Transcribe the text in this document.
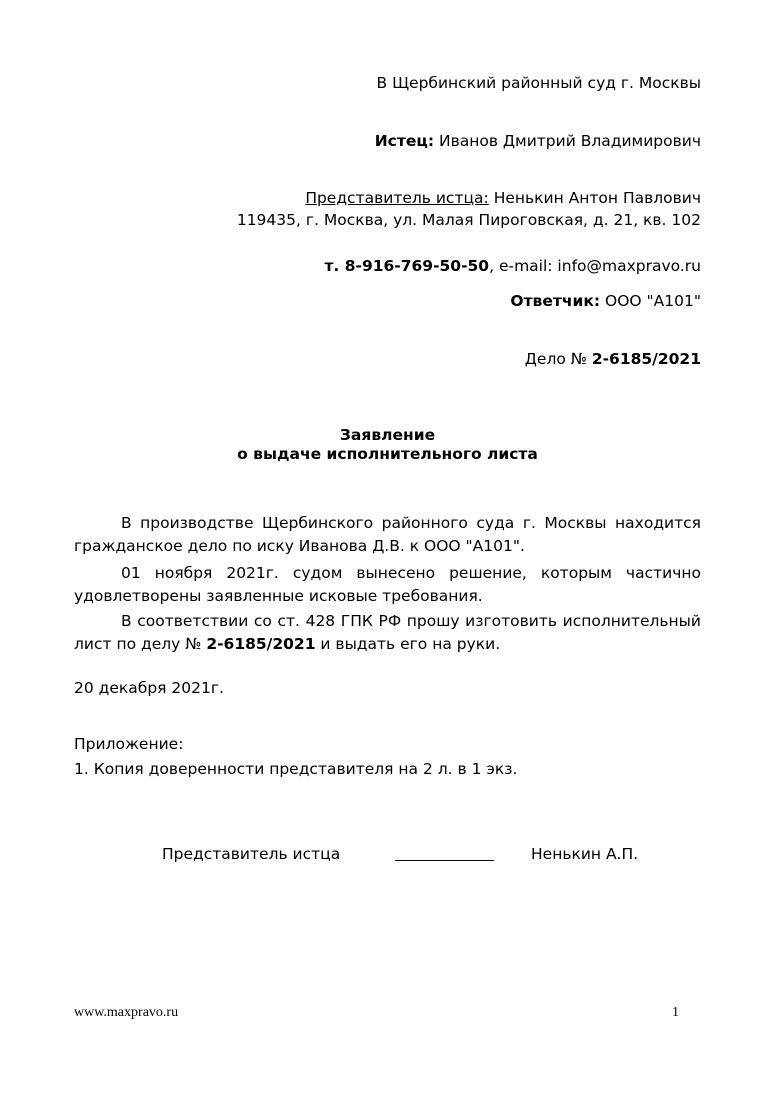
В Щербинский районный суд г. Москвы
Истец: Иванов Дмитрий Владимирович
Представитель истца: Ненькин Антон Павлович
119435, г. Москва, ул. Малая Пироговская, д. 21, кв. 102
т. 8-916-769-50-50, e-mail: info@maxpravo.ru
Ответчик: ООО "А101"
Дело № 2-6185/2021
Заявление
о выдаче исполнительного листа
В производстве Щербинского районного суда г. Москвы находится гражданское дело по иску Иванова Д.В. к ООО "А101".
01 ноября 2021г. судом вынесено решение, которым частично удовлетворены заявленные исковые требования.
В соответствии со ст. 428 ГПК РФ прошу изготовить исполнительный лист по делу № 2-6185/2021 и выдать его на руки.
20 декабря 2021г.
Приложение:
1. Копия доверенности представителя на 2 л. в 1 экз.
Представитель истца	Ненькин А.П.
www.maxpravo.ru	1
